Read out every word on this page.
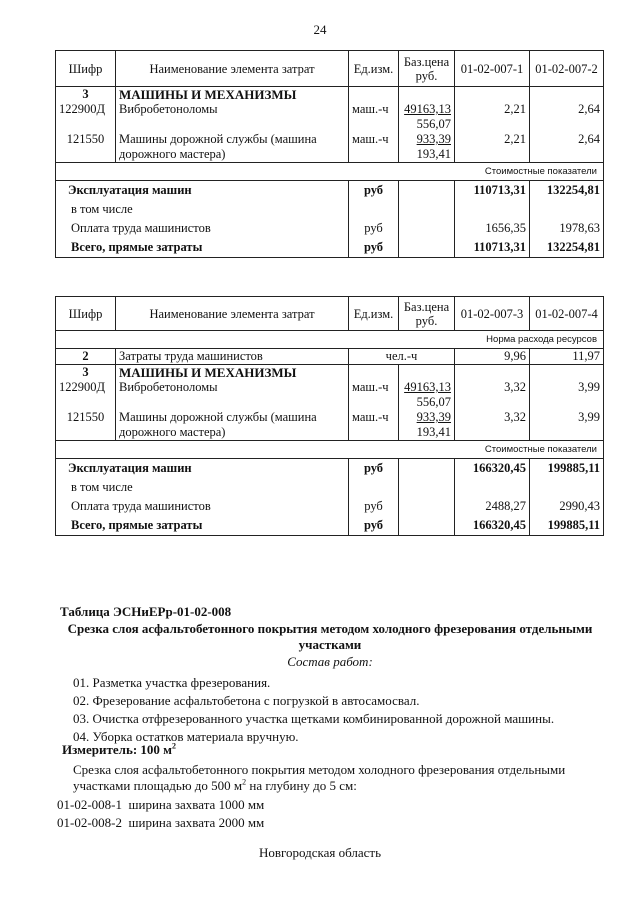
24
Шифр	Наименование элемента затрат	Ед.изм.	Баз.цена руб.	01-02-007-1	01-02-007-2
3	МАШИНЫ И МЕХАНИЗМЫ				
122900Д	Вибробетоноломы	маш.-ч	49163,13
556,07	2,21	2,64
121550	Машины дорожной службы (машина дорожного мастера)	маш.-ч	933,39
193,41	2,21	2,64
Стоимостные показатели					
Эксплуатация машин		руб		110713,31	132254,81
в том числе					
Оплата труда машинистов		руб		1656,35	1978,63
Всего, прямые затраты		руб		110713,31	132254,81
Шифр	Наименование элемента затрат	Ед.изм.	Баз.цена руб.	01-02-007-3	01-02-007-4
Норма расхода ресурсов					
2	Затраты труда машинистов	чел.-ч		9,96	11,97
3	МАШИНЫ И МЕХАНИЗМЫ				
122900Д	Вибробетоноломы	маш.-ч	49163,13
556,07	3,32	3,99
121550	Машины дорожной службы (машина дорожного мастера)	маш.-ч	933,39
193,41	3,32	3,99
Стоимостные показатели					
Эксплуатация машин		руб		166320,45	199885,11
в том числе					
Оплата труда машинистов		руб		2488,27	2990,43
Всего, прямые затраты		руб		166320,45	199885,11
Таблица ЭСНиЕРр-01-02-008
Срезка слоя асфальтобетонного покрытия методом холодного фрезерования отдельными участками
Состав работ:
01. Разметка участка фрезерования.
02. Фрезерование асфальтобетона с погрузкой в автосамосвал.
03. Очистка отфрезерованного участка щетками комбинированной дорожной машины.
04. Уборка остатков материала вручную.
Измеритель: 100 $м^2$
Срезка слоя асфальтобетонного покрытия методом холодного фрезерования отдельными
участками площадью до 500 $м^2$ на глубину до 5 см:
01-02-008-1 ширина захвата 1000 мм
01-02-008-2 ширина захвата 2000 мм
Новгородская область
